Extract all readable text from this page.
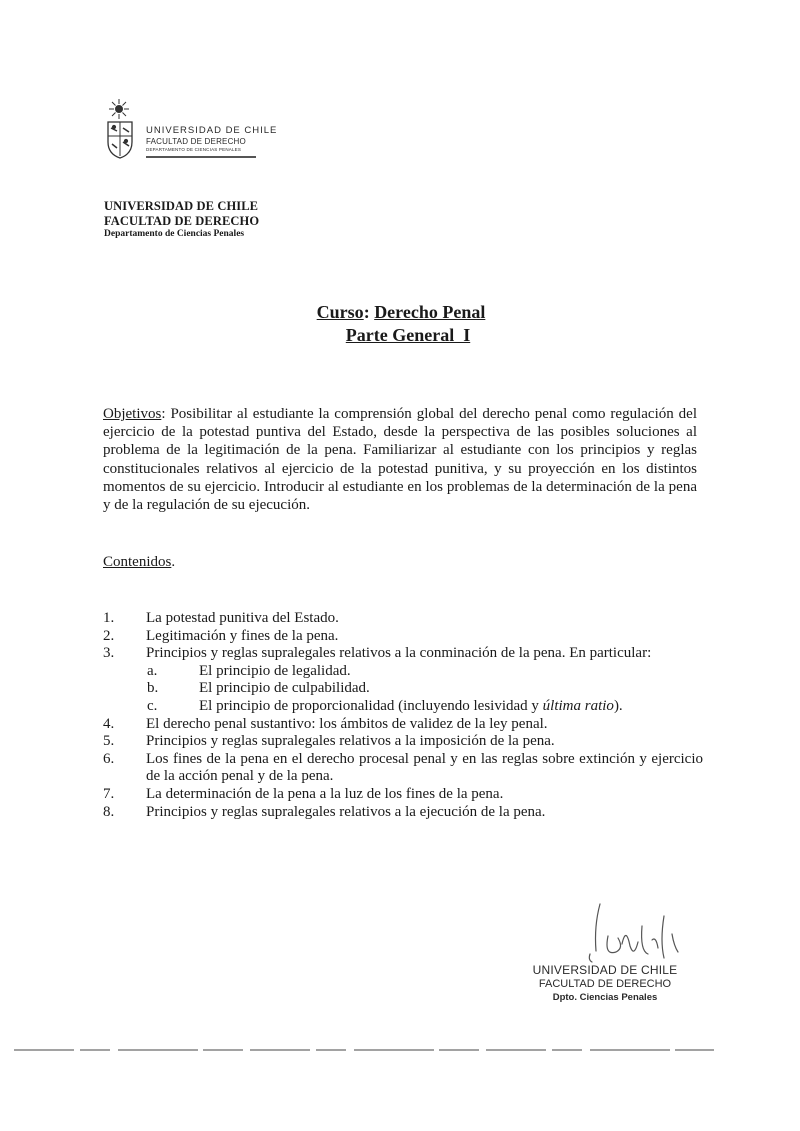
UNIVERSIDAD DE CHILE
FACULTAD DE DERECHO
DEPARTAMENTO DE CIENCIAS PENALES
UNIVERSIDAD DE CHILE
FACULTAD DE DERECHO
Departamento de Ciencias Penales
Curso: Derecho Penal
Parte General  I
Objetivos: Posibilitar al estudiante la comprensión global del derecho penal como regulación del ejercicio de la potestad puntiva del Estado, desde la perspectiva de las posibles soluciones al problema de la legitimación de la pena. Familiarizar al estudiante con los principios y reglas constitucionales relativos al ejercicio de la potestad punitiva, y su proyección en los distintos momentos de su ejercicio. Introducir al estudiante en los problemas de la determinación de la pena y de la regulación de su ejecución.
Contenidos.
1.	La potestad punitiva del Estado.
2.	Legitimación y fines de la pena.
3.	Principios y reglas supralegales relativos a la conminación de la pena. En particular:
a.	El principio de legalidad.
b.	El principio de culpabilidad.
c.	El principio de proporcionalidad (incluyendo lesividad y última ratio).
4.	El derecho penal sustantivo: los ámbitos de validez de la ley penal.
5.	Principios y reglas supralegales relativos a la imposición de la pena.
6.	Los fines de la pena en el derecho procesal penal y en las reglas sobre extinción y ejercicio de la acción penal y de la pena.
7.	La determinación de la pena a la luz de los fines de la pena.
8.	Principios y reglas supralegales relativos a la ejecución de la pena.
UNIVERSIDAD DE CHILE
FACULTAD DE DERECHO
Dpto. Ciencias Penales
